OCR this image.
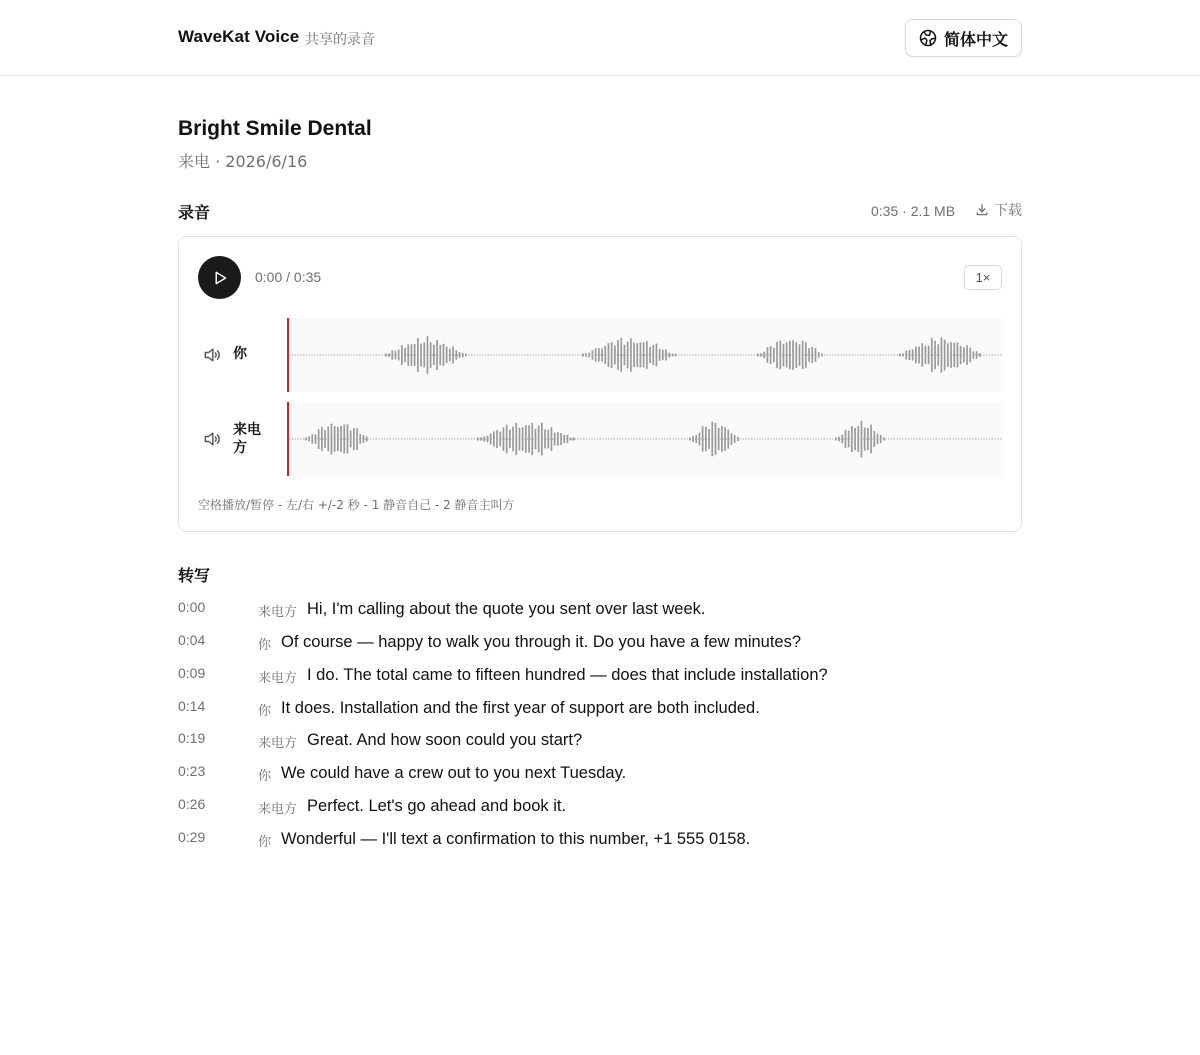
WaveKat Voice 共享的录音	简体中文
Bright Smile Dental
来电 · 2026/6/16
录音	0:35 · 2.1 MB	下载
0:00 / 0:35	1×
你
来电方
空格播放/暂停 - 左/右 +/-2 秒 - 1 静音自己 - 2 静音主叫方
转写
0:00	来电方 Hi, I'm calling about the quote you sent over last week.
0:04	你 Of course — happy to walk you through it. Do you have a few minutes?
0:09	来电方 I do. The total came to fifteen hundred — does that include installation?
0:14	你 It does. Installation and the first year of support are both included.
0:19	来电方 Great. And how soon could you start?
0:23	你 We could have a crew out to you next Tuesday.
0:26	来电方 Perfect. Let's go ahead and book it.
0:29	你 Wonderful — I'll text a confirmation to this number, +1 555 0158.
